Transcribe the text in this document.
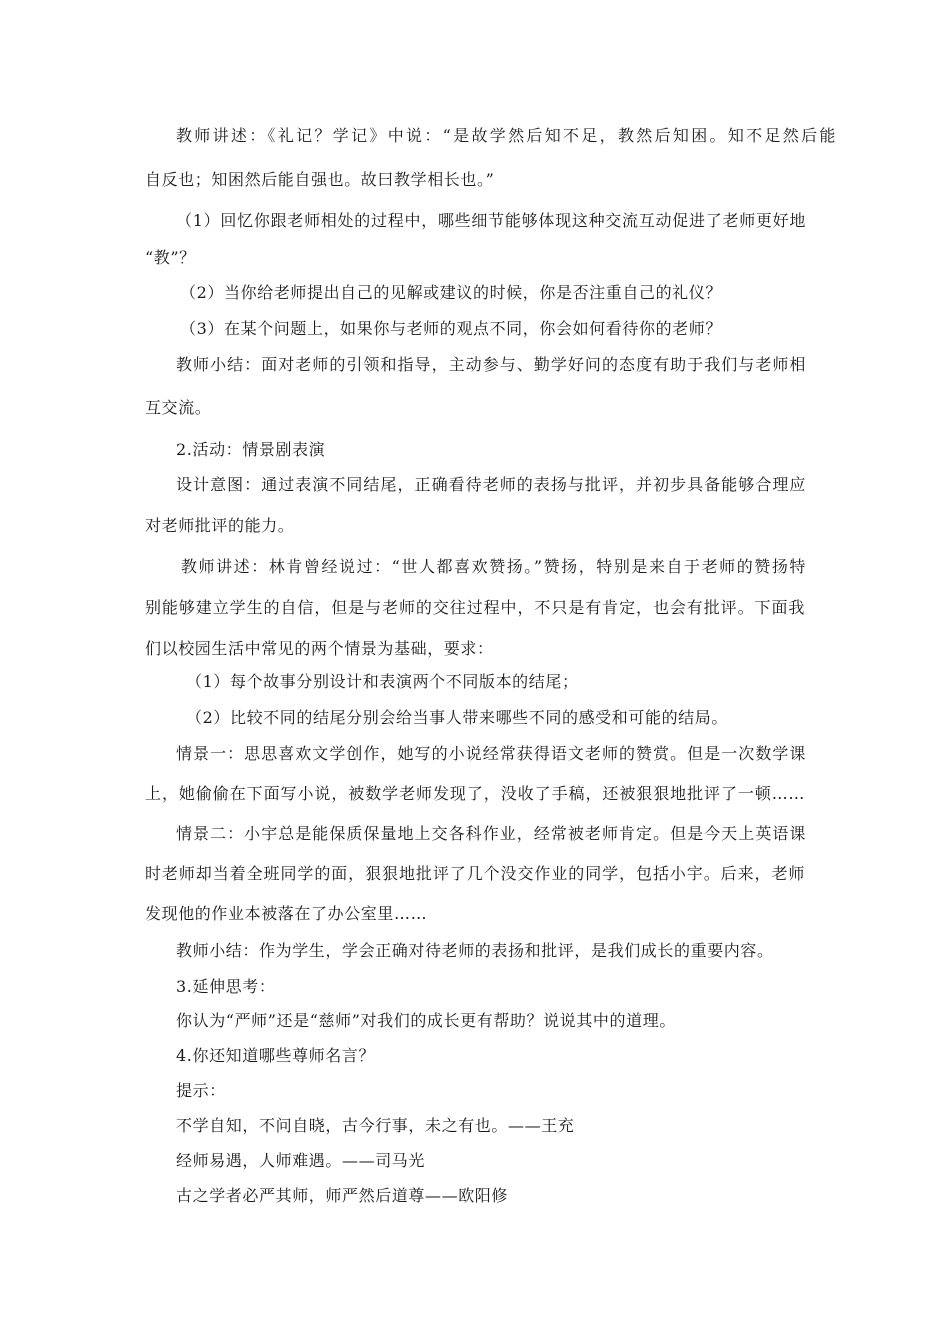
教师讲述：《礼记？学记》中说：“是故学然后知不足，教然后知困。知不足然后能
自反也；知困然后能自强也。故曰教学相长也。”
（1）回忆你跟老师相处的过程中，哪些细节能够体现这种交流互动促进了老师更好地
“教”？
（2）当你给老师提出自己的见解或建议的时候，你是否注重自己的礼仪？
（3）在某个问题上，如果你与老师的观点不同，你会如何看待你的老师？
教师小结：面对老师的引领和指导，主动参与、勤学好问的态度有助于我们与老师相
互交流。
2.活动：情景剧表演
设计意图：通过表演不同结尾，正确看待老师的表扬与批评，并初步具备能够合理应
对老师批评的能力。
教师讲述：林肯曾经说过：“世人都喜欢赞扬。”赞扬，特别是来自于老师的赞扬特
别能够建立学生的自信，但是与老师的交往过程中，不只是有肯定，也会有批评。下面我
们以校园生活中常见的两个情景为基础，要求：
（1）每个故事分别设计和表演两个不同版本的结尾；
（2）比较不同的结尾分别会给当事人带来哪些不同的感受和可能的结局。
情景一：思思喜欢文学创作，她写的小说经常获得语文老师的赞赏。但是一次数学课
上，她偷偷在下面写小说，被数学老师发现了，没收了手稿，还被狠狠地批评了一顿……
情景二：小宇总是能保质保量地上交各科作业，经常被老师肯定。但是今天上英语课
时老师却当着全班同学的面，狠狠地批评了几个没交作业的同学，包括小宇。后来，老师
发现他的作业本被落在了办公室里……
教师小结：作为学生，学会正确对待老师的表扬和批评，是我们成长的重要内容。
3.延伸思考：
你认为“严师”还是“慈师”对我们的成长更有帮助？说说其中的道理。
4.你还知道哪些尊师名言？
提示：
不学自知，不问自晓，古今行事，未之有也。——王充
经师易遇，人师难遇。——司马光
古之学者必严其师，师严然后道尊——欧阳修
